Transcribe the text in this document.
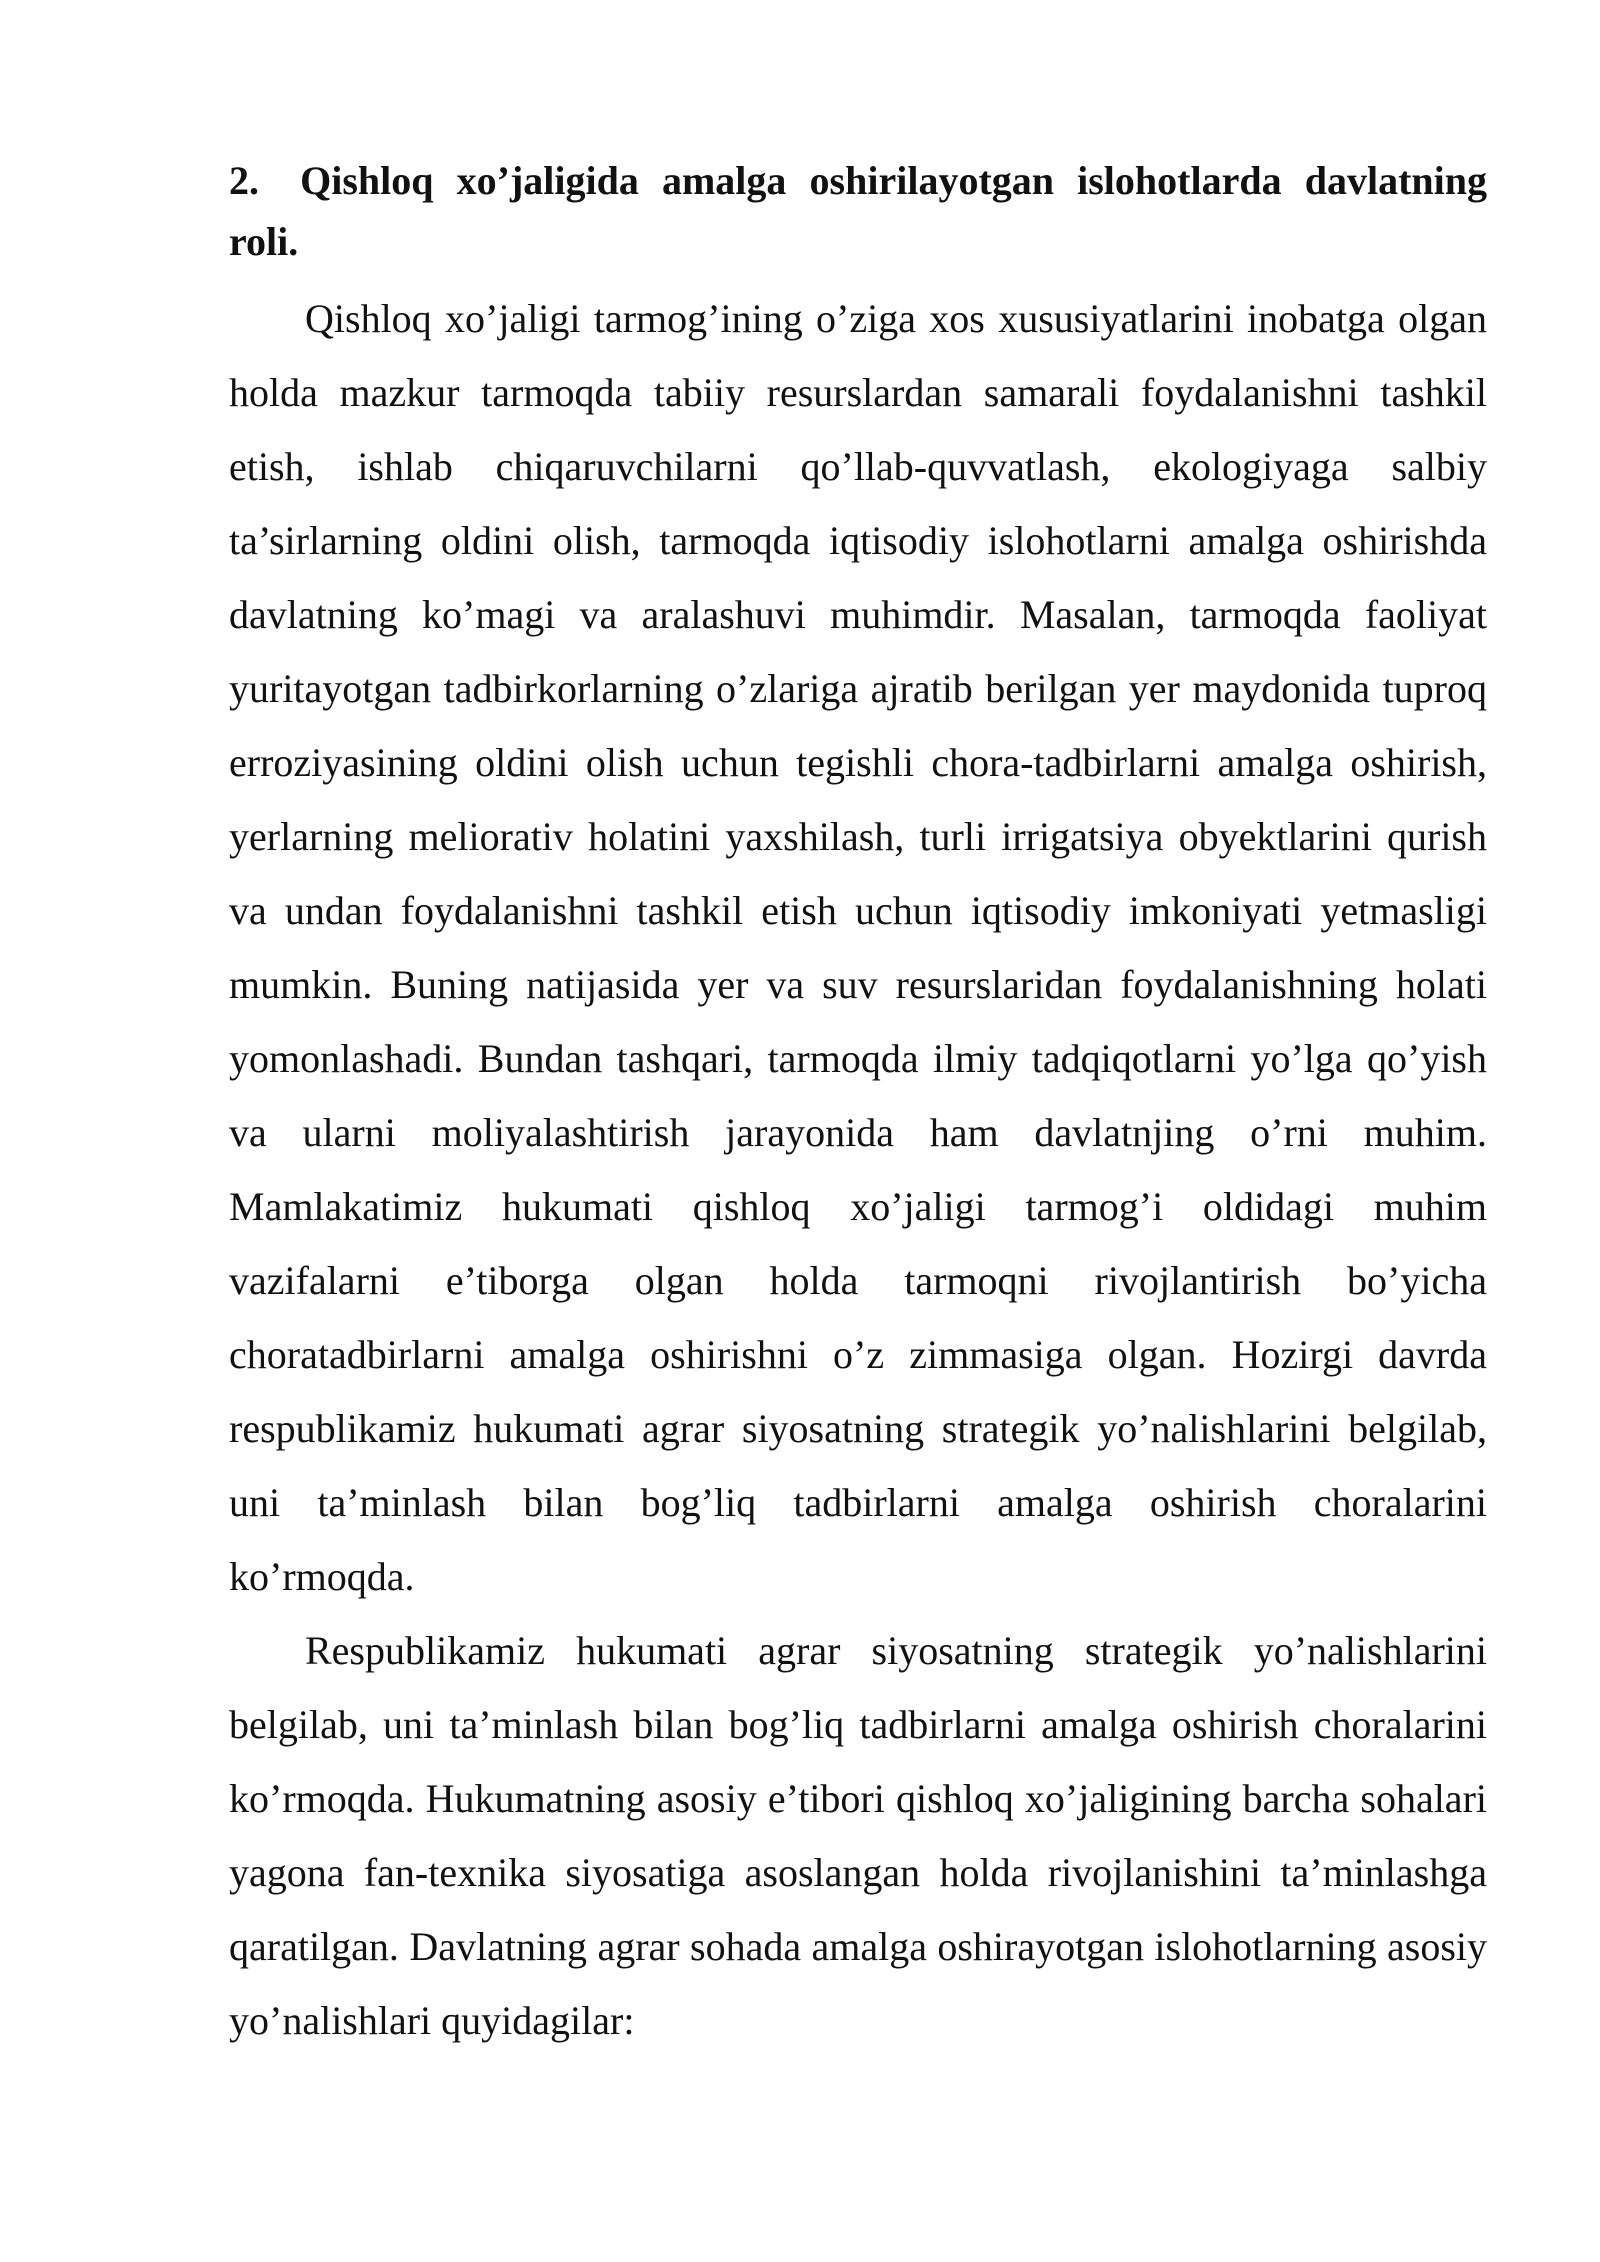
2. Qishloq xo’jaligida amalga oshirilayotgan islohotlarda davlatning roli.

Qishloq xo’jaligi tarmog’ining o’ziga xos xususiyatlarini inobatga olgan holda mazkur tarmoqda tabiiy resurslardan samarali foydalanishni tashkil etish, ishlab chiqaruvchilarni qo’llab-quvvatlash, ekologiyaga salbiy ta’sirlarning oldini olish, tarmoqda iqtisodiy islohotlarni amalga oshirishda davlatning ko’magi va aralashuvi muhimdir. Masalan, tarmoqda faoliyat yuritayotgan tadbirkorlarning o’zlariga ajratib berilgan yer maydonida tuproq erroziyasining oldini olish uchun tegishli chora-tadbirlarni amalga oshirish, yerlarning meliorativ holatini yaxshilash, turli irrigatsiya obyektlarini qurish va undan foydalanishni tashkil etish uchun iqtisodiy imkoniyati yetmasligi mumkin. Buning natijasida yer va suv resurslaridan foydalanishning holati yomonlashadi. Bundan tashqari, tarmoqda ilmiy tadqiqotlarni yo’lga qo’yish va ularni moliyalashtirish jarayonida ham davlatnjing o’rni muhim. Mamlakatimiz hukumati qishloq xo’jaligi tarmog’i oldidagi muhim vazifalarni e’tiborga olgan holda tarmoqni rivojlantirish bo’yicha choratadbirlarni amalga oshirishni o’z zimmasiga olgan. Hozirgi davrda respublikamiz hukumati agrar siyosatning strategik yo’nalishlarini belgilab, uni ta’minlash bilan bog’liq tadbirlarni amalga oshirish choralarini ko’rmoqda.

Respublikamiz hukumati agrar siyosatning strategik yo’nalishlarini belgilab, uni ta’minlash bilan bog’liq tadbirlarni amalga oshirish choralarini ko’rmoqda. Hukumatning asosiy e’tibori qishloq xo’jaligining barcha sohalari yagona fan-texnika siyosatiga asoslangan holda rivojlanishini ta’minlashga qaratilgan. Davlatning agrar sohada amalga oshirayotgan islohotlarning asosiy yo’nalishlari quyidagilar:
